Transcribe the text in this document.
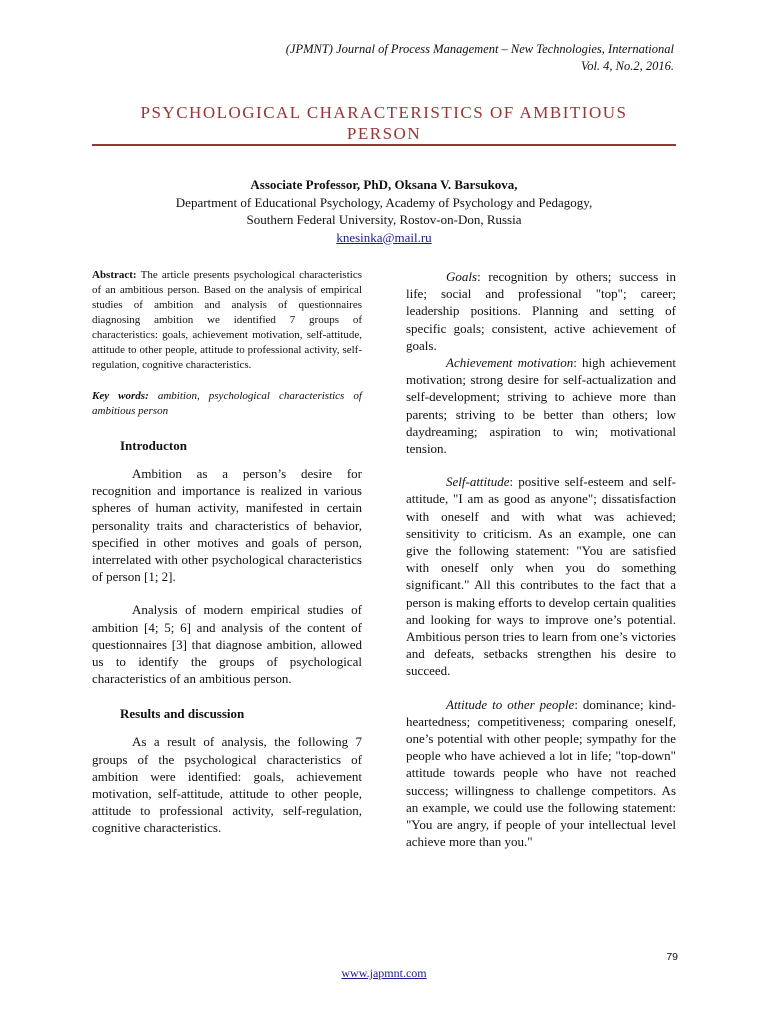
(JPMNT) Journal of Process Management – New Technologies, International
Vol. 4, No.2, 2016.
PSYCHOLOGICAL CHARACTERISTICS OF AMBITIOUS
PERSON
Associate Professor, PhD, Oksana V. Barsukova,
Department of Educational Psychology, Academy of Psychology and Pedagogy,
Southern Federal University, Rostov-on-Don, Russia
knesinka@mail.ru

Abstract: The article presents psychological characteristics of an ambitious person. Based on the analysis of empirical studies of ambition and analysis of questionnaires diagnosing ambition we identified 7 groups of characteristics: goals, achievement motivation, self-attitude, attitude to other people, attitude to professional activity, self-regulation, cognitive characteristics.

Key words: ambition, psychological characteristics of ambitious person

Introducton

Ambition as a person’s desire for recognition and importance is realized in various spheres of human activity, manifested in certain personality traits and characteristics of behavior, specified in other motives and goals of person, interrelated with other psychological characteristics of person [1; 2].

Analysis of modern empirical studies of ambition [4; 5; 6] and analysis of the content of questionnaires [3] that diagnose ambition, allowed us to identify the groups of psychological characteristics of an ambitious person.

Results and discussion

As a result of analysis, the following 7 groups of the psychological characteristics of ambition were identified: goals, achievement motivation, self-attitude, attitude to other people, attitude to professional activity, self-regulation, cognitive characteristics.

Goals: recognition by others; success in life; social and professional "top"; career; leadership positions. Planning and setting of specific goals; consistent, active achievement of goals.

Achievement motivation: high achievement motivation; strong desire for self-actualization and self-development; striving to achieve more than parents; striving to be better than others; low daydreaming; aspiration to win; motivational tension.

Self-attitude: positive self-esteem and self-attitude, "I am as good as anyone"; dissatisfaction with oneself and with what was achieved; sensitivity to criticism. As an example, one can give the following statement: "You are satisfied with oneself only when you do something significant." All this contributes to the fact that a person is making efforts to develop certain qualities and looking for ways to improve one’s potential. Ambitious person tries to learn from one’s victories and defeats, setbacks strengthen his desire to succeed.

Attitude to other people: dominance; kind-heartedness; competitiveness; comparing oneself, one’s potential with other people; sympathy for the people who have achieved a lot in life; "top-down" attitude towards people who have not reached success; willingness to challenge competitors. As an example, we could use the following statement: "You are angry, if people of your intellectual level achieve more than you."

79
www.japmnt.com
